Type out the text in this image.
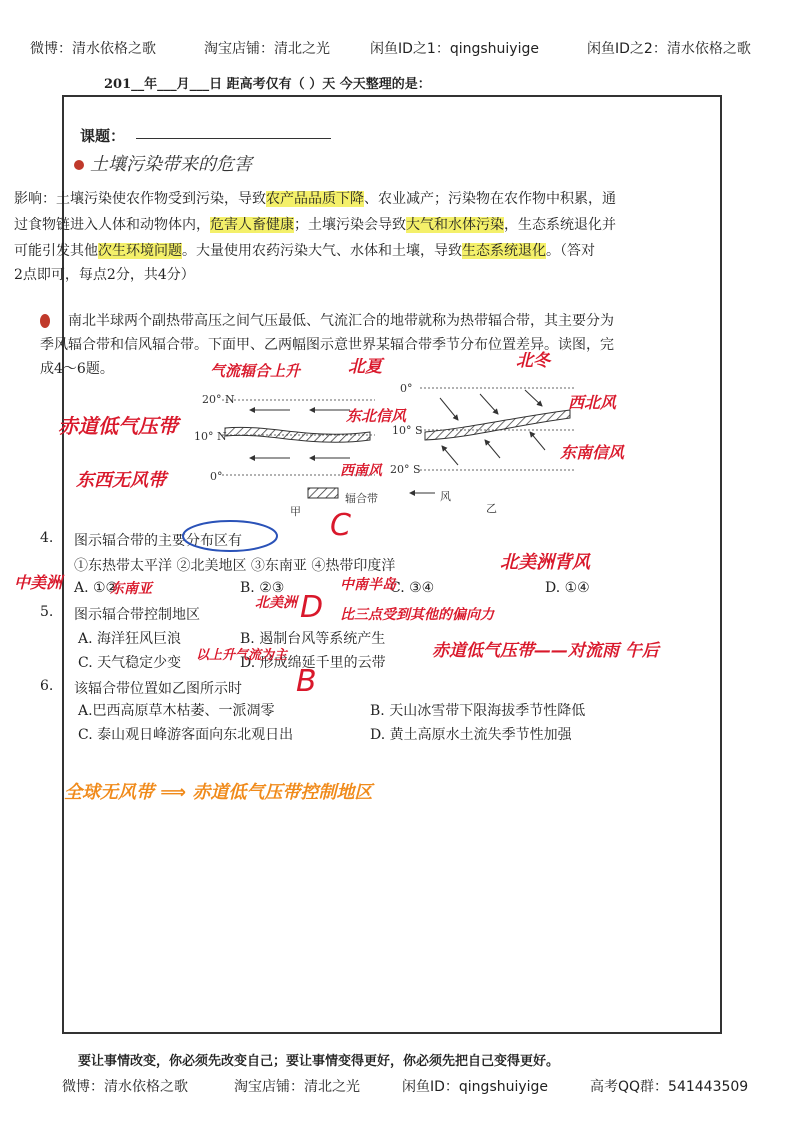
微博：清水依格之歌	淘宝店铺：清北之光	闲鱼ID之1：qingshuiyige	闲鱼ID之2：清水依格之歌
201__年___月___日 距高考仅有（ ）天 今天整理的是：
课题：
土壤污染带来的危害
影响：土壤污染使农作物受到污染，导致农产品品质下降、农业减产；污染物在农作物中积累，通
过食物链进入人体和动物体内，危害人畜健康；土壤污染会导致大气和水体污染，生态系统退化并
可能引发其他次生环境问题。大量使用农药污染大气、水体和土壤，导致生态系统退化。（答对
2点即可，每点2分，共4分）
南北半球两个副热带高压之间气压最低、气流汇合的地带就称为热带辐合带，其主要分为
季风辐合带和信风辐合带。下面甲、乙两幅图示意世界某辐合带季节分布位置差异。读图，完
成4～6题。
20° N
10° N
0°
0°
10° S
20° S
辐合带	风
甲	乙
气流辐合上升	北夏	北冬
赤道低气压带	东北信风
西北风
东西无风带	西南风
东南信风
4. 图示辐合带的主要分布区有
①东热带太平洋 ②北美地区 ③东南亚 ④热带印度洋
A. ①②	B. ②③	C. ③④	D. ①④
C
中美洲	东南亚
北美洲
中南半岛
北美洲背风
5. 图示辐合带控制地区
A. 海洋狂风巨浪	B. 遏制台风等系统产生
C. 天气稳定少变	D. 形成绵延千里的云带
D 比三点受到其他的偏向力
赤道低气压带——对流雨 午后
以上升气流为主
6. 该辐合带位置如乙图所示时
A.巴西高原草木枯萎、一派凋零	B. 天山冰雪带下限海拔季节性降低
C. 泰山观日峰游客面向东北观日出	D. 黄土高原水土流失季节性加强
B
全球无风带 ⟹ 赤道低气压带控制地区
要让事情改变，你必须先改变自己；要让事情变得更好，你必须先把自己变得更好。
微博：清水依格之歌	淘宝店铺：清北之光	闲鱼ID：qingshuiyige	高考QQ群：541443509
